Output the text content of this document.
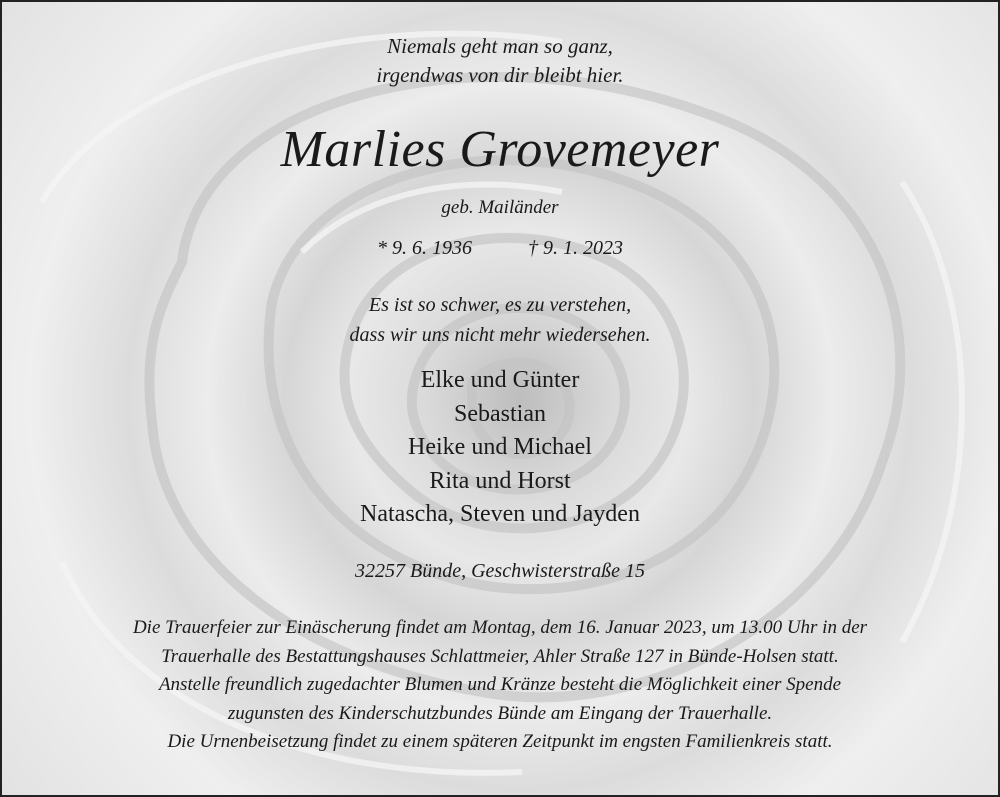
Niemals geht man so ganz,
irgendwas von dir bleibt hier.
Marlies Grovemeyer
geb. Mailänder
* 9. 6. 1936	† 9. 1. 2023
Es ist so schwer, es zu verstehen,
dass wir uns nicht mehr wiedersehen.
Elke und Günter
Sebastian
Heike und Michael
Rita und Horst
Natascha, Steven und Jayden
32257 Bünde, Geschwisterstraße 15
Die Trauerfeier zur Einäscherung findet am Montag, dem 16. Januar 2023, um 13.00 Uhr in der
Trauerhalle des Bestattungshauses Schlattmeier, Ahler Straße 127 in Bünde-Holsen statt.
Anstelle freundlich zugedachter Blumen und Kränze besteht die Möglichkeit einer Spende
zugunsten des Kinderschutzbundes Bünde am Eingang der Trauerhalle.
Die Urnenbeisetzung findet zu einem späteren Zeitpunkt im engsten Familienkreis statt.
